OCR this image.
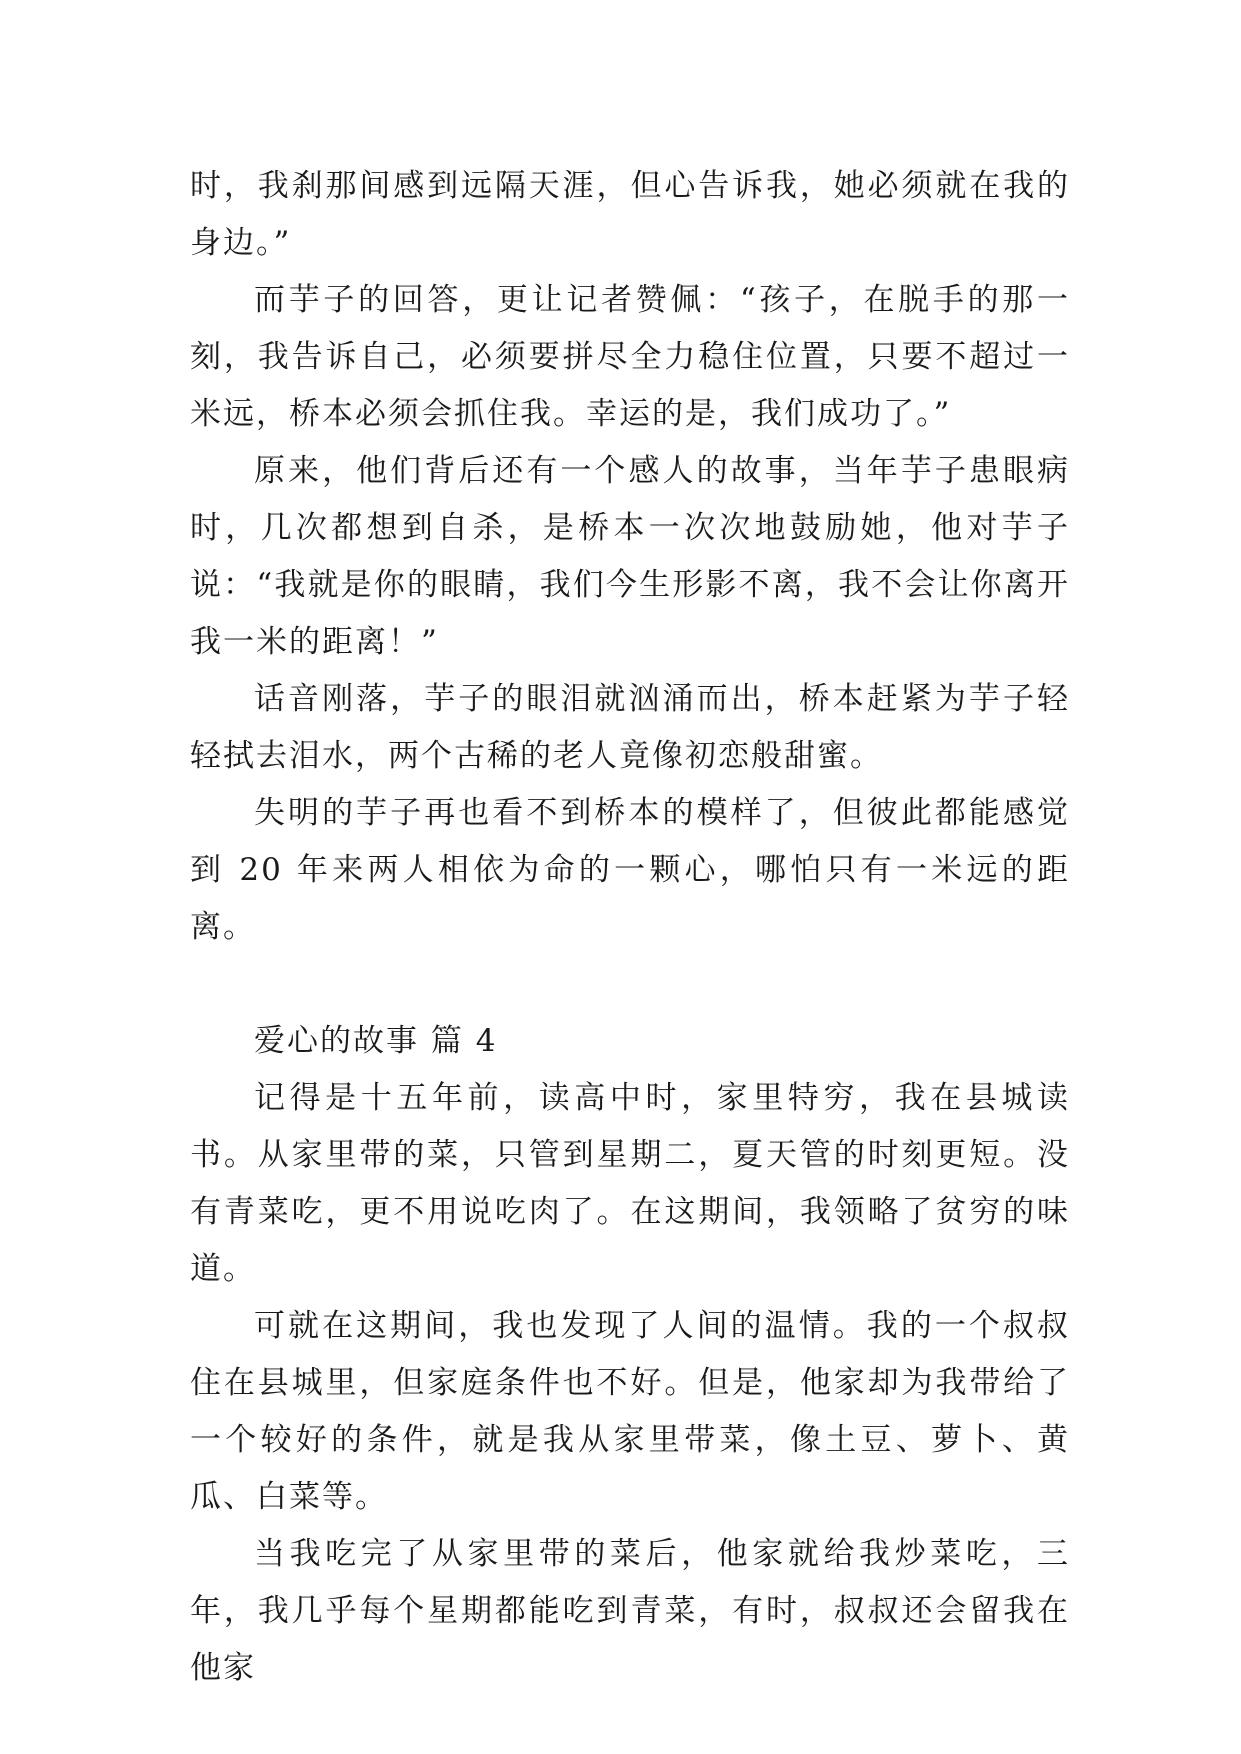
时，我刹那间感到远隔天涯，但心告诉我，她必须就在我的身边。”

而芋子的回答，更让记者赞佩：“孩子，在脱手的那一刻，我告诉自己，必须要拼尽全力稳住位置，只要不超过一米远，桥本必须会抓住我。幸运的是，我们成功了。”

原来，他们背后还有一个感人的故事，当年芋子患眼病时，几次都想到自杀，是桥本一次次地鼓励她，他对芋子说：“我就是你的眼睛，我们今生形影不离，我不会让你离开我一米的距离！”

话音刚落，芋子的眼泪就汹涌而出，桥本赶紧为芋子轻轻拭去泪水，两个古稀的老人竟像初恋般甜蜜。

失明的芋子再也看不到桥本的模样了，但彼此都能感觉到 20 年来两人相依为命的一颗心，哪怕只有一米远的距离。

爱心的故事 篇 4

记得是十五年前，读高中时，家里特穷，我在县城读书。从家里带的菜，只管到星期二，夏天管的时刻更短。没有青菜吃，更不用说吃肉了。在这期间，我领略了贫穷的味道。

可就在这期间，我也发现了人间的温情。我的一个叔叔住在县城里，但家庭条件也不好。但是，他家却为我带给了一个较好的条件，就是我从家里带菜，像土豆、萝卜、黄瓜、白菜等。

当我吃完了从家里带的菜后，他家就给我炒菜吃，三年，我几乎每个星期都能吃到青菜，有时，叔叔还会留我在他家
